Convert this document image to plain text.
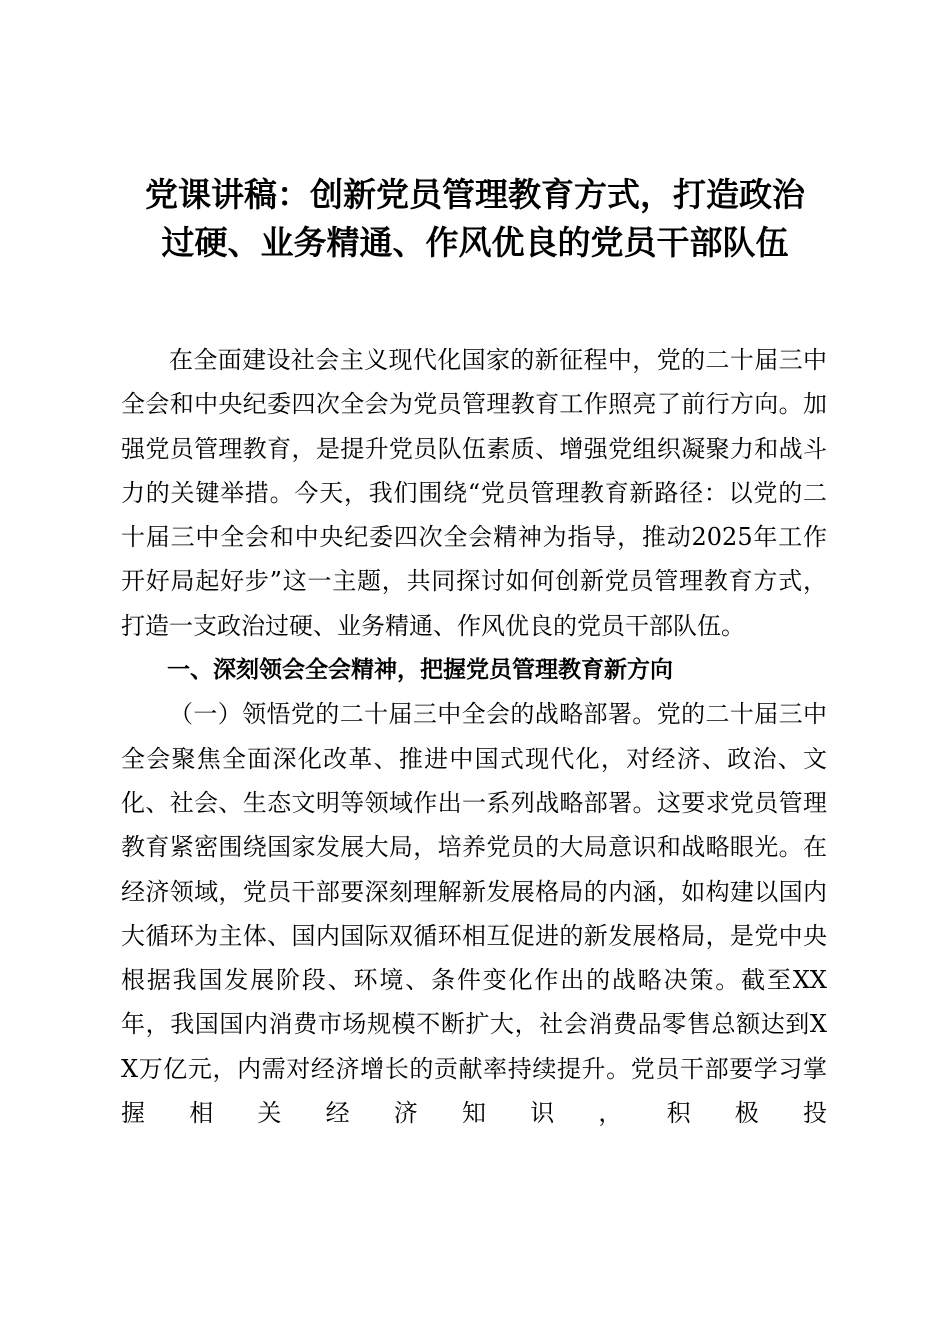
党课讲稿：创新党员管理教育方式，打造政治
过硬、业务精通、作风优良的党员干部队伍

在全面建设社会主义现代化国家的新征程中，党的二十届三中全会和中央纪委四次全会为党员管理教育工作照亮了前行方向。加强党员管理教育，是提升党员队伍素质、增强党组织凝聚力和战斗力的关键举措。今天，我们围绕“党员管理教育新路径：以党的二十届三中全会和中央纪委四次全会精神为指导，推动2025年工作开好局起好步”这一主题，共同探讨如何创新党员管理教育方式，打造一支政治过硬、业务精通、作风优良的党员干部队伍。

一、深刻领会全会精神，把握党员管理教育新方向

（一）领悟党的二十届三中全会的战略部署。党的二十届三中全会聚焦全面深化改革、推进中国式现代化，对经济、政治、文化、社会、生态文明等领域作出一系列战略部署。这要求党员管理教育紧密围绕国家发展大局，培养党员的大局意识和战略眼光。在经济领域，党员干部要深刻理解新发展格局的内涵，如构建以国内大循环为主体、国内国际双循环相互促进的新发展格局，是党中央根据我国发展阶段、环境、条件变化作出的战略决策。截至XX年，我国国内消费市场规模不断扩大，社会消费品零售总额达到XX万亿元，内需对经济增长的贡献率持续提升。党员干部要学习掌握相关经济知识，积极投
